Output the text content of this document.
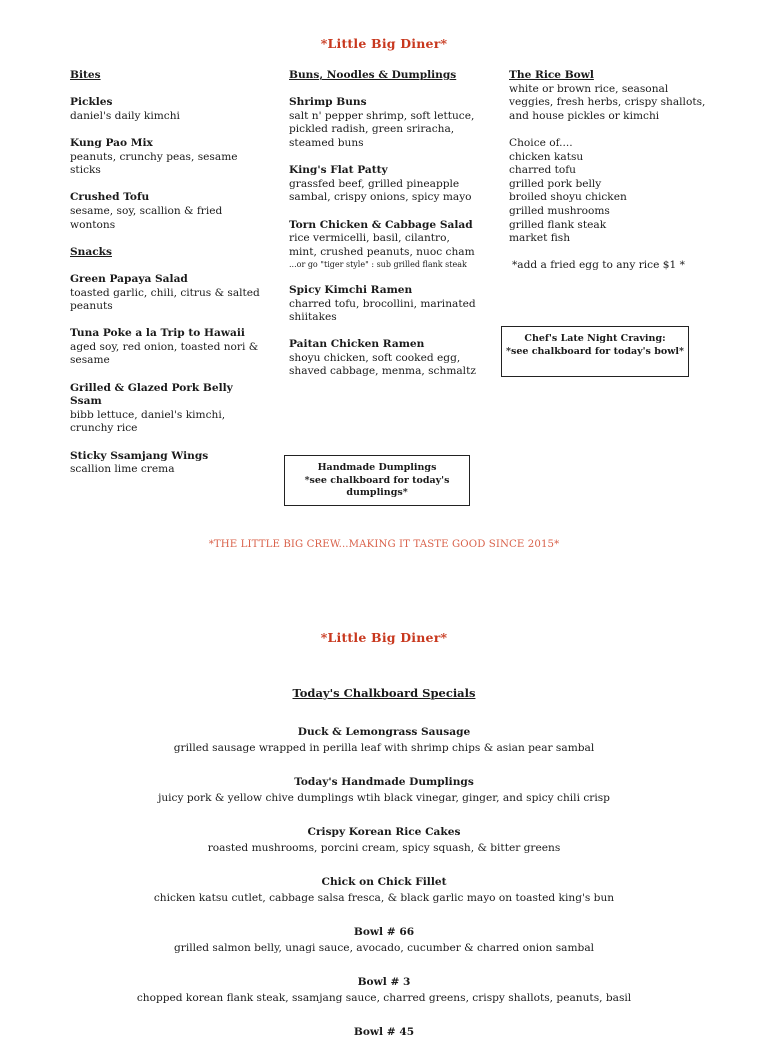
*Little Big Diner*
Bites
Pickles
daniel's daily kimchi
Kung Pao Mix
peanuts, crunchy peas, sesame sticks
Crushed Tofu
sesame, soy, scallion & fried wontons
Snacks
Green Papaya Salad
toasted garlic, chili, citrus & salted peanuts
Tuna Poke a la Trip to Hawaii
aged soy, red onion, toasted nori & sesame
Grilled & Glazed Pork Belly Ssam
bibb lettuce, daniel's kimchi, crunchy rice
Sticky Ssamjang Wings
scallion lime crema
Buns, Noodles & Dumplings
Shrimp Buns
salt n' pepper shrimp, soft lettuce, pickled radish, green sriracha, steamed buns
King's Flat Patty
grassfed beef, grilled pineapple sambal, crispy onions, spicy mayo
Torn Chicken & Cabbage Salad
rice vermicelli, basil, cilantro, mint, crushed peanuts, nuoc cham
...or go "tiger style" : sub grilled flank steak
Spicy Kimchi Ramen
charred tofu, brocollini, marinated shiitakes
Paitan Chicken Ramen
shoyu chicken, soft cooked egg, shaved cabbage, menma, schmaltz
Handmade Dumplings
*see chalkboard for today's dumplings*
The Rice Bowl
white or brown rice, seasonal veggies, fresh herbs, crispy shallots, and house pickles or kimchi
Choice of....
chicken katsu
charred tofu
grilled pork belly
broiled shoyu chicken
grilled mushrooms
grilled flank steak
market fish
*add a fried egg to any rice $1 *
Chef's Late Night Craving:
*see chalkboard for today's bowl*
*THE LITTLE BIG CREW...MAKING IT TASTE GOOD SINCE 2015*
*Little Big Diner*
Today's Chalkboard Specials
Duck & Lemongrass Sausage
grilled sausage wrapped in perilla leaf with shrimp chips & asian pear sambal
Today's Handmade Dumplings
juicy pork & yellow chive dumplings wtih black vinegar, ginger, and spicy chili crisp
Crispy Korean Rice Cakes
roasted mushrooms, porcini cream, spicy squash, & bitter greens
Chick on Chick Fillet
chicken katsu cutlet, cabbage salsa fresca, & black garlic mayo on toasted king's bun
Bowl # 66
grilled salmon belly, unagi sauce, avocado, cucumber & charred onion sambal
Bowl # 3
chopped korean flank steak, ssamjang sauce, charred greens, crispy shallots, peanuts, basil
Bowl # 45
